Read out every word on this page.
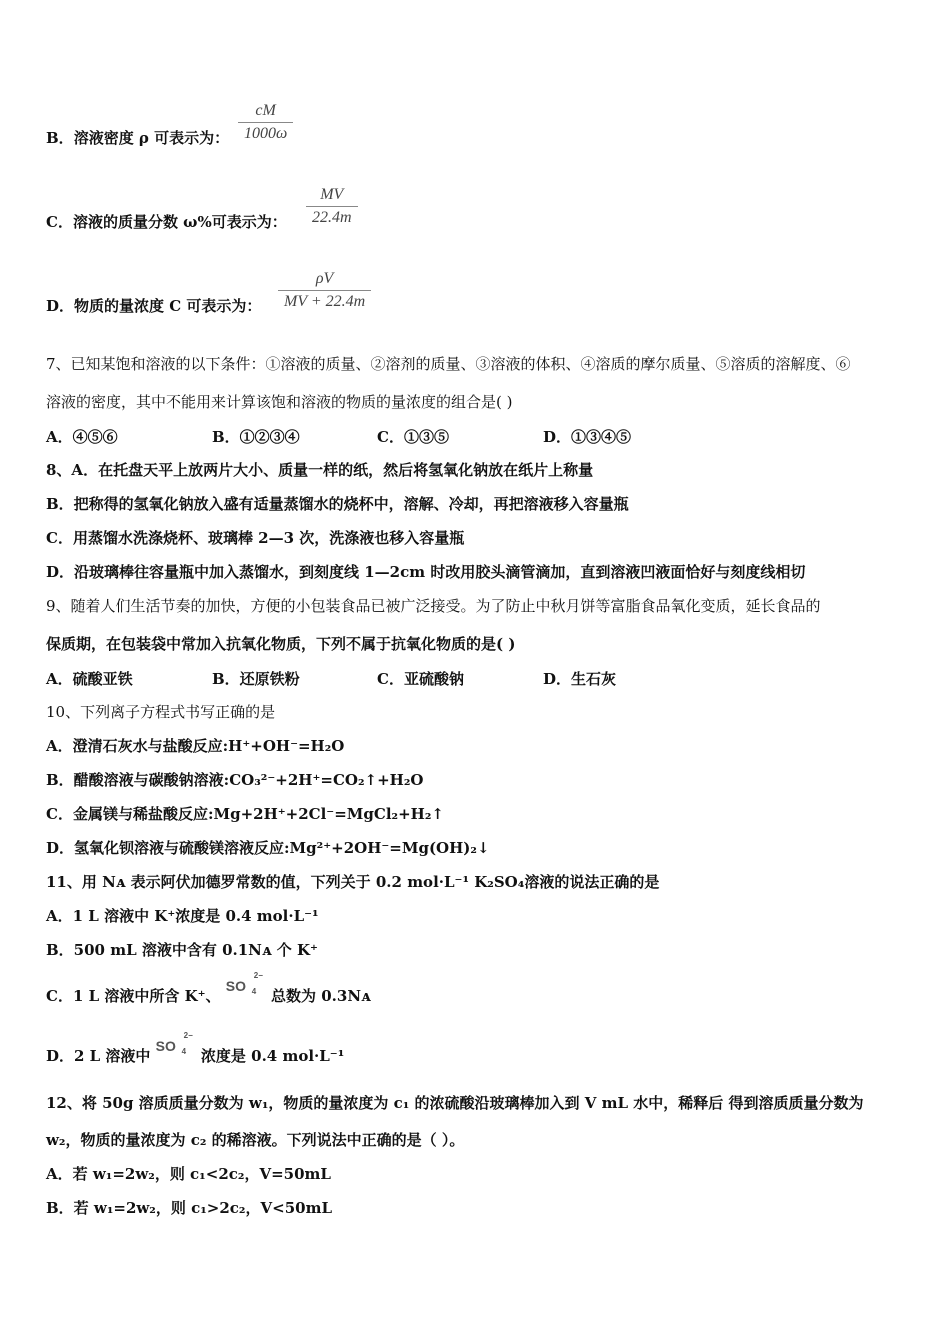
B．溶液密度 ρ 可表示为： $\frac{cM}{1000\omega}$
C．溶液的质量分数 ω%可表示为： $\frac{MV}{22.4m}$
D．物质的量浓度 C 可表示为： $\frac{\rho V}{MV + 22.4m}$
7、已知某饱和溶液的以下条件：①溶液的质量、②溶剂的质量、③溶液的体积、④溶质的摩尔质量、⑤溶质的溶解度、⑥
溶液的密度，其中不能用来计算该饱和溶液的物质的量浓度的组合是( )
A．④⑤⑥	B．①②③④	C．①③⑤	D．①③④⑤
8、A．在托盘天平上放两片大小、质量一样的纸，然后将氢氧化钠放在纸片上称量
B．把称得的氢氧化钠放入盛有适量蒸馏水的烧杯中，溶解、冷却，再把溶液移入容量瓶
C．用蒸馏水洗涤烧杯、玻璃棒 2—3 次，洗涤液也移入容量瓶
D．沿玻璃棒往容量瓶中加入蒸馏水，到刻度线 1—2cm 时改用胶头滴管滴加，直到溶液凹液面恰好与刻度线相切
9、随着人们生活节奏的加快，方便的小包装食品已被广泛接受。为了防止中秋月饼等富脂食品氧化变质，延长食品的
保质期，在包装袋中常加入抗氧化物质，下列不属于抗氧化物质的是( )
A．硫酸亚铁	B．还原铁粉	C．亚硫酸钠	D．生石灰
10、下列离子方程式书写正确的是
A．澄清石灰水与盐酸反应:H⁺+OH⁻=H₂O
B．醋酸溶液与碳酸钠溶液:CO₃²⁻+2H⁺=CO₂↑+H₂O
C．金属镁与稀盐酸反应:Mg+2H⁺+2Cl⁻=MgCl₂+H₂↑
D．氢氧化钡溶液与硫酸镁溶液反应:Mg²⁺+2OH⁻=Mg(OH)₂↓
11、用 Nᴀ 表示阿伏加德罗常数的值，下列关于 0.2 mol·L⁻¹ K₂SO₄溶液的说法正确的是
A．1 L 溶液中 K⁺浓度是 0.4 mol·L⁻¹
B．500 mL 溶液中含有 0.1Nᴀ 个 K⁺
C．1 L 溶液中所含 K⁺、 SO
2−
4 总数为 0.3Nᴀ
D．2 L 溶液中 SO
2−
4 浓度是 0.4 mol·L⁻¹
12、将 50g 溶质质量分数为 w₁，物质的量浓度为 c₁ 的浓硫酸沿玻璃棒加入到 V mL 水中，稀释后 得到溶质质量分数为
w₂，物质的量浓度为 c₂ 的稀溶液。下列说法中正确的是（ ）。
A．若 w₁=2w₂，则 c₁<2c₂，V=50mL
B．若 w₁=2w₂，则 c₁>2c₂，V<50mL
